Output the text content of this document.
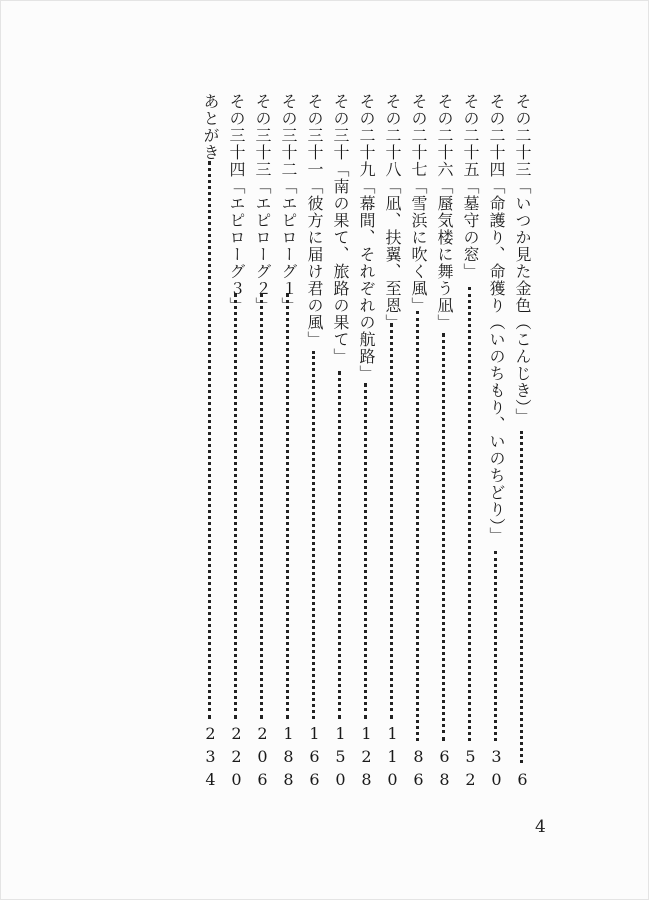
その二十三「いつか見た金色（こんじき）」
6
その二十四「命護り、命獲り（いのちもり、いのちどり）」
30
その二十五「墓守の窓」
52
その二十六「蜃気楼に舞う凪」
68
その二十七「雪浜に吹く風」
86
その二十八「凪、扶翼、至恩」
110
その二十九「幕間、それぞれの航路」
128
その三十「南の果て、旅路の果て」
150
その三十一「彼方に届け君の風」
166
その三十二「エピローグ１」
188
その三十三「エピローグ２」
206
その三十四「エピローグ３」
220
あとがき
234
4
